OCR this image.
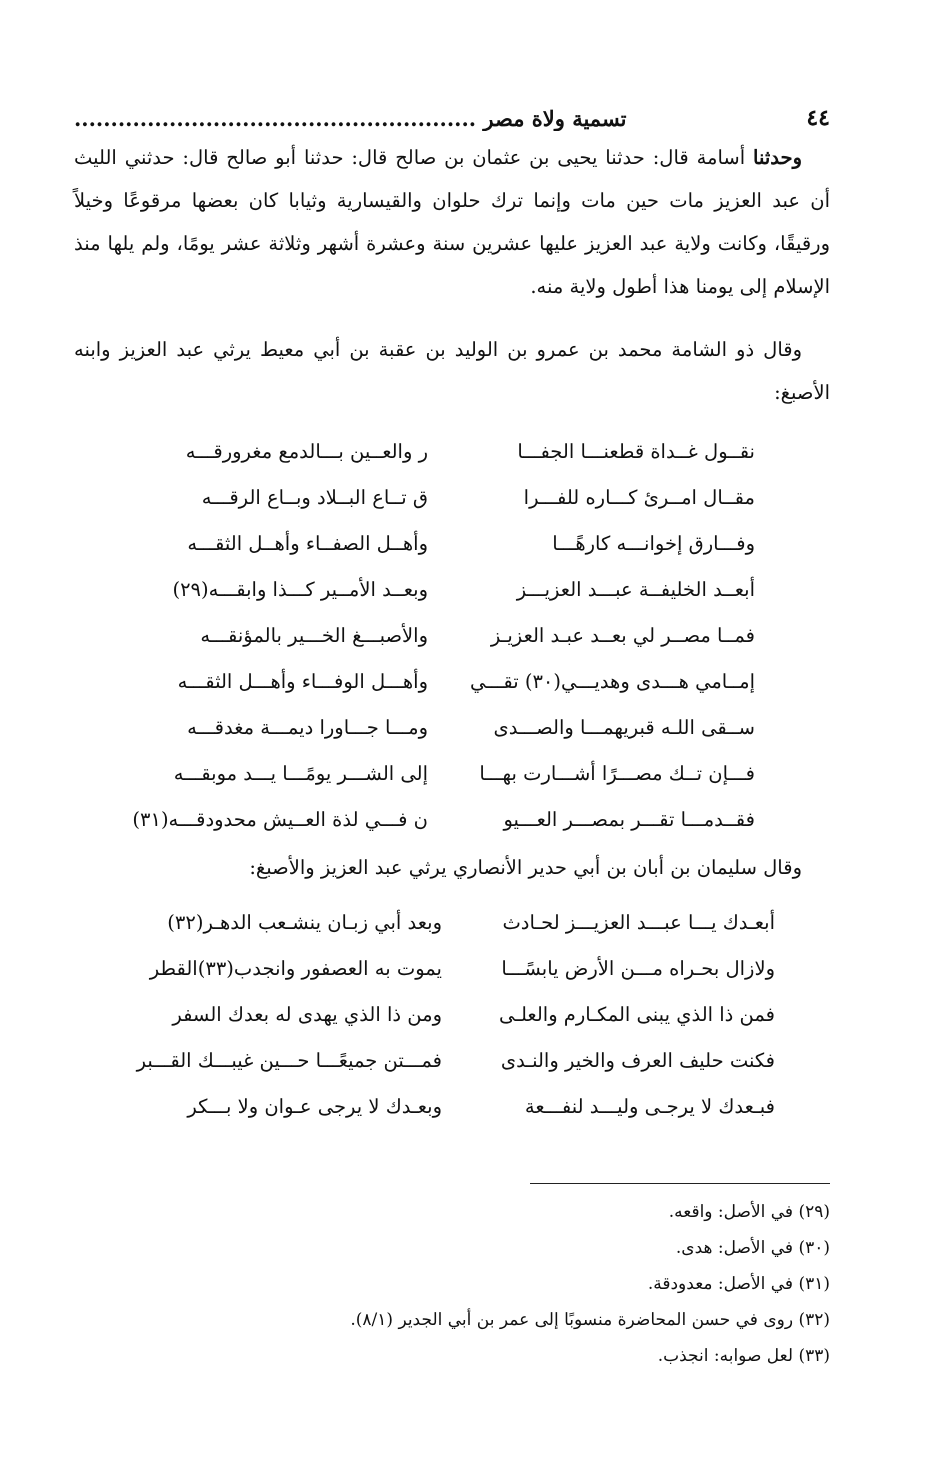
٤٤
تسمية ولاة مصر .......................................................
وحدثنا أسامة قال: حدثنا يحيى بن عثمان بن صالح قال: حدثنا أبو صالح قال: حدثني الليث أن عبد العزيز مات حين مات وإنما ترك حلوان والقيسارية وثيابا كان بعضها مرقوعًا وخيلاً ورقيقًا، وكانت ولاية عبد العزيز عليها عشرين سنة وعشرة أشهر وثلاثة عشر يومًا، ولم يلها منذ الإسلام إلى يومنا هذا أطول ولاية منه.
وقال ذو الشامة محمد بن عمرو بن الوليد بن عقبة بن أبي معيط يرثي عبد العزيز وابنه الأصبغ:
نقــول غــداة قطعنـــا الجفـــا
ر والعــين بـــالدمع مغرورقـــه
مقــال امــرئ كـــاره للفـــرا
ق تــاع البــلاد وبــاع الرقـــه
وفـــارق إخوانـــه كارهًـــا
وأهــل الصفــاء وأهــل الثقـــه
أبعــد الخليفــة عبـــد العزيـــز
وبعــد الأمــير كـــذا وابقـــه(٢٩)
فمــا مصــر لي بعــد عبـد العزيـز
والأصبـــغ الخـــير بالمؤنقـــه
إمــامي هـــدى وهديـــي(٣٠) تقـــي
وأهـــل الوفـــاء وأهـــل الثقـــه
ســقى اللـه قبريهمـــا والصـــدى
ومـــا جـــاورا ديمـــة مغدقـــه
فـــإن تــك مصـــرًا أشـــارت بهـــا
إلى الشـــر يومًـــا يـــد موبقـــه
فقــدمـــا تقـــر بمصـــر العـــيو
ن فـــي لذة العــيش محدودقـــه(٣١)
وقال سليمان بن أبان بن أبي حدير الأنصاري يرثي عبد العزيز والأصبغ:
أبعـدك يـــا عبـــد العزيـــز لحـادث
وبعد أبي زبـان ينشـعب الدهـر(٣٢)
ولازال بحـراه مـــن الأرض يابسًـــا
يموت به العصفور وانجدب(٣٣)القطر
فمن ذا الذي يبنى المكـارم والعلـى
ومن ذا الذي يهدى له بعدك السفر
فكنت حليف العرف والخير والنـدى
فمـــتن جميعًـــا حـــين غيبـــك القـــبر
فبـعدك لا يرجـى وليـــد لنفـــعة
وبعـدك لا يرجى عـوان ولا بـــكر
(٢٩) في الأصل: واقعه.
(٣٠) في الأصل: هدى.
(٣١) في الأصل: معدودقة.
(٣٢) روى في حسن المحاضرة منسوبًا إلى عمر بن أبي الجدير (٨/١).
(٣٣) لعل صوابه: انجذب.
